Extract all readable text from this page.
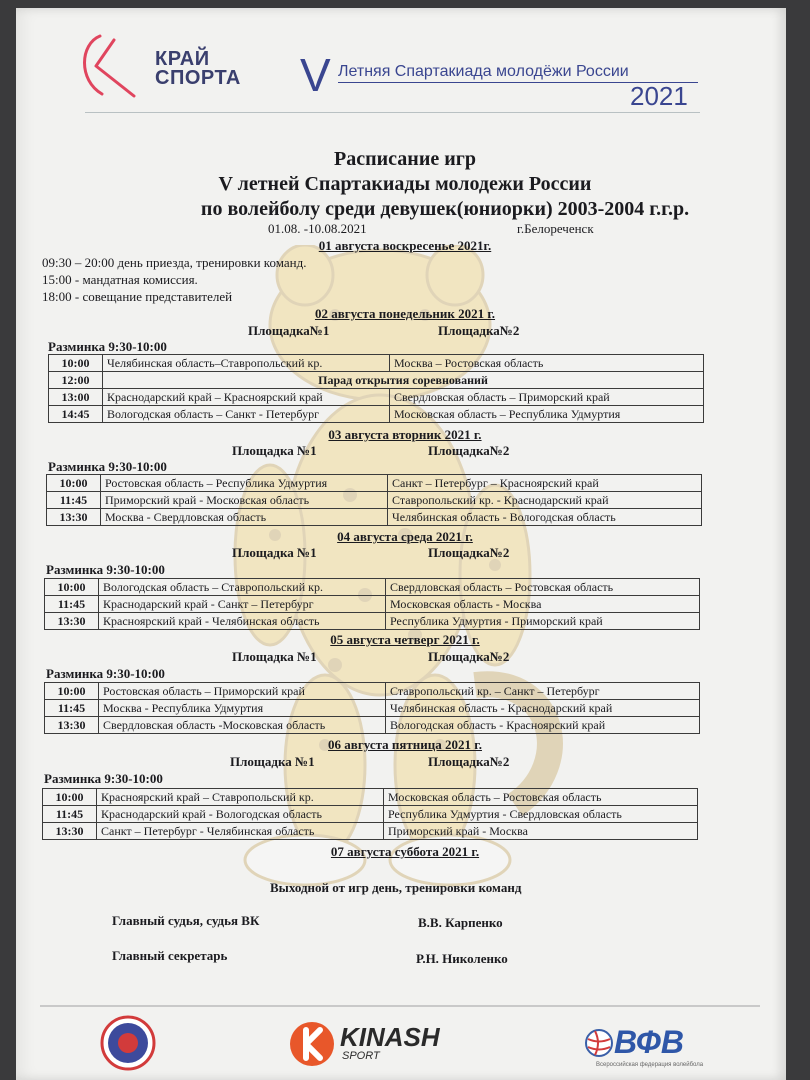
КРАЙ
СПОРТА V Летняя Спартакиада молодёжи России
2021
Расписание игр
V летней Спартакиады молодежи России
по волейболу среди девушек(юниорки) 2003-2004 г.г.р.
01.08. -10.08.2021	г.Белореченск
01 августа воскресенье 2021г.
09:30 – 20:00 день приезда, тренировки команд.
15:00 - мандатная комиссия.
18:00 - совещание представителей
02 августа понедельник 2021 г.
Площадка№1	Площадка№2
Разминка 9:30-10:00
10:00	Челябинская область–Ставропольский кр.	Москва – Ростовская область
12:00	Парад открытия соревнований	
13:00	Краснодарский край – Красноярский край	Свердловская область – Приморский край
14:45	Вологодская область – Санкт - Петербург	Московская область – Республика Удмуртия
03 августа вторник 2021 г.
Площадка №1	Площадка№2
Разминка 9:30-10:00
10:00	Ростовская область – Республика Удмуртия	Санкт – Петербург – Красноярский край
11:45	Приморский край - Московская область	Ставропольский кр. - Краснодарский край
13:30	Москва - Свердловская область	Челябинская область - Вологодская область
04 августа среда 2021 г.
Площадка №1	Площадка№2
Разминка 9:30-10:00
10:00	Вологодская область – Ставропольский кр.	Свердловская область – Ростовская область
11:45	Краснодарский край - Санкт – Петербург	Московская область - Москва
13:30	Красноярский край - Челябинская область	Республика Удмуртия - Приморский край
05 августа четверг 2021 г.
Площадка №1	Площадка№2
Разминка 9:30-10:00
10:00	Ростовская область – Приморский край	Ставропольский кр. – Санкт – Петербург
11:45	Москва - Республика Удмуртия	Челябинская область - Краснодарский край
13:30	Свердловская область -Московская область	Вологодская область - Красноярский край
06 августа пятница 2021 г.
Площадка №1	Площадка№2
Разминка 9:30-10:00
10:00	Красноярский край – Ставропольский кр.	Московская область – Ростовская область
11:45	Краснодарский край - Вологодская область	Республика Удмуртия - Свердловская область
13:30	Санкт – Петербург - Челябинская область	Приморский край - Москва
07 августа суббота 2021 г.
Выходной от игр день, тренировки команд
Главный судья, судья ВК	В.В. Карпенко
Главный секретарь	Р.Н. Николенко
KINASH
SPORT	ВФВ
Всероссийская федерация волейбола
